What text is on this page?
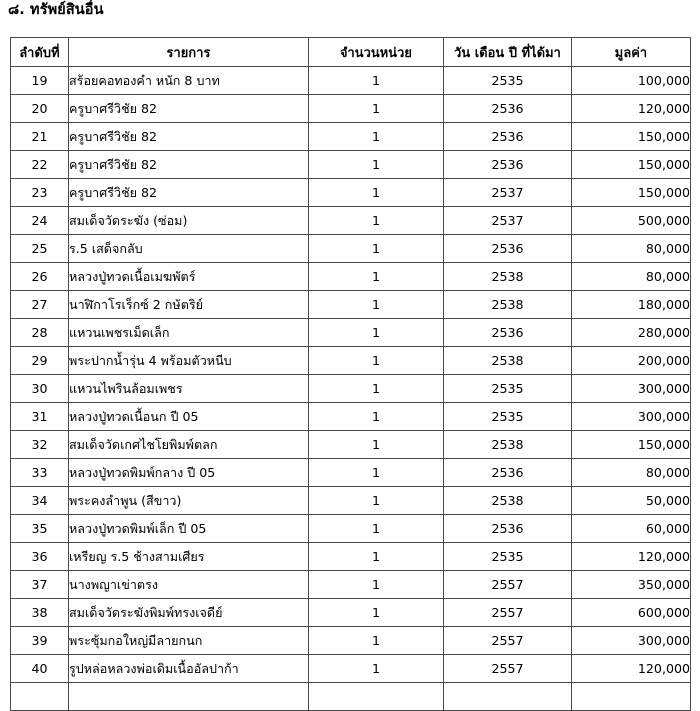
๘. ทรัพย์สินอื่น
ลำดับที่	รายการ	จำนวนหน่วย	วัน เดือน ปี ที่ได้มา	มูลค่า
19	สร้อยคอทองคำ หนัก 8 บาท	1	2535	100,000
20	ครูบาศรีวิชัย 82	1	2536	120,000
21	ครูบาศรีวิชัย 82	1	2536	150,000
22	ครูบาศรีวิชัย 82	1	2536	150,000
23	ครูบาศรีวิชัย 82	1	2537	150,000
24	สมเด็จวัดระฆัง (ซ่อม)	1	2537	500,000
25	ร.5 เสด็จกลับ	1	2536	80,000
26	หลวงปู่ทวดเนื้อเมฆพัตร์	1	2538	80,000
27	นาฬิกาโรเร็กซ์ 2 กษัตริย์	1	2538	180,000
28	แหวนเพชรเม็ดเล็ก	1	2536	280,000
29	พระปากน้ำรุ่น 4 พร้อมตัวหนีบ	1	2538	200,000
30	แหวนไพรินล้อมเพชร	1	2535	300,000
31	หลวงปู่ทวดเนื้อนก ปี 05	1	2535	300,000
32	สมเด็จวัดเกศไชโยพิมพ์ตลก	1	2538	150,000
33	หลวงปู่ทวดพิมพ์กลาง ปี 05	1	2536	80,000
34	พระคงลำพูน (สีขาว)	1	2538	50,000
35	หลวงปู่ทวดพิมพ์เล็ก ปี 05	1	2536	60,000
36	เหรียญ ร.5 ช้างสามเศียร	1	2535	120,000
37	นางพญาเข่าตรง	1	2557	350,000
38	สมเด็จวัดระฆังพิมพ์ทรงเจดีย์	1	2557	600,000
39	พระซุ้มกอใหญ่มีลายกนก	1	2557	300,000
40	รูปหล่อหลวงพ่อเดิมเนื้ออัลปาก้า	1	2557	120,000
